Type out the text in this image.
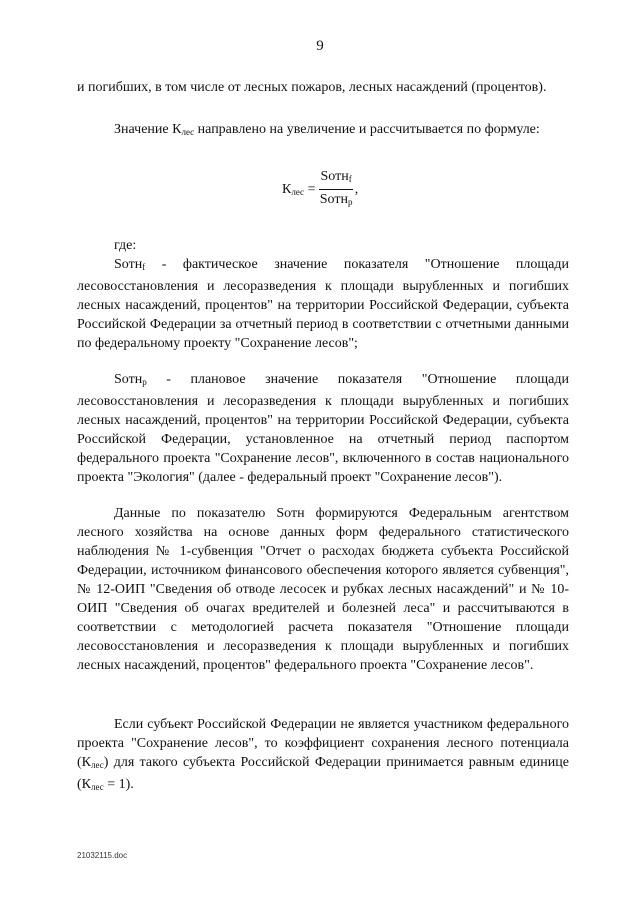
9

и погибших, в том числе от лесных пожаров, лесных насаждений (процентов).

Значение $К_{лес}$ направлено на увеличение и рассчитывается по формуле:

$К_{лес} = \frac{Sотн_f}{Sотн_p}$ ,

где:

Sотн$_f$ - фактическое значение показателя "Отношение площади лесовосстановления и лесоразведения к площади вырубленных и погибших лесных насаждений, процентов" на территории Российской Федерации, субъекта Российской Федерации за отчетный период в соответствии с отчетными данными по федеральному проекту "Сохранение лесов";

Sотн$_p$ - плановое значение показателя "Отношение площади лесовосстановления и лесоразведения к площади вырубленных и погибших лесных насаждений, процентов" на территории Российской Федерации, субъекта Российской Федерации, установленное на отчетный период паспортом федерального проекта "Сохранение лесов", включенного в состав национального проекта "Экология" (далее - федеральный проект "Сохранение лесов").

Данные по показателю Sотн формируются Федеральным агентством лесного хозяйства на основе данных форм федерального статистического наблюдения № 1-субвенция "Отчет о расходах бюджета субъекта Российской Федерации, источником финансового обеспечения которого является субвенция", № 12-ОИП "Сведения об отводе лесосек и рубках лесных насаждений" и № 10-ОИП "Сведения об очагах вредителей и болезней леса" и рассчитываются в соответствии с методологией расчета показателя "Отношение площади лесовосстановления и лесоразведения к площади вырубленных и погибших лесных насаждений, процентов" федерального проекта "Сохранение лесов".

Если субъект Российской Федерации не является участником федерального проекта "Сохранение лесов", то коэффициент сохранения лесного потенциала $(К_{лес})$ для такого субъекта Российской Федерации принимается равным единице $(К_{лес} = 1)$.

21032115.doc
